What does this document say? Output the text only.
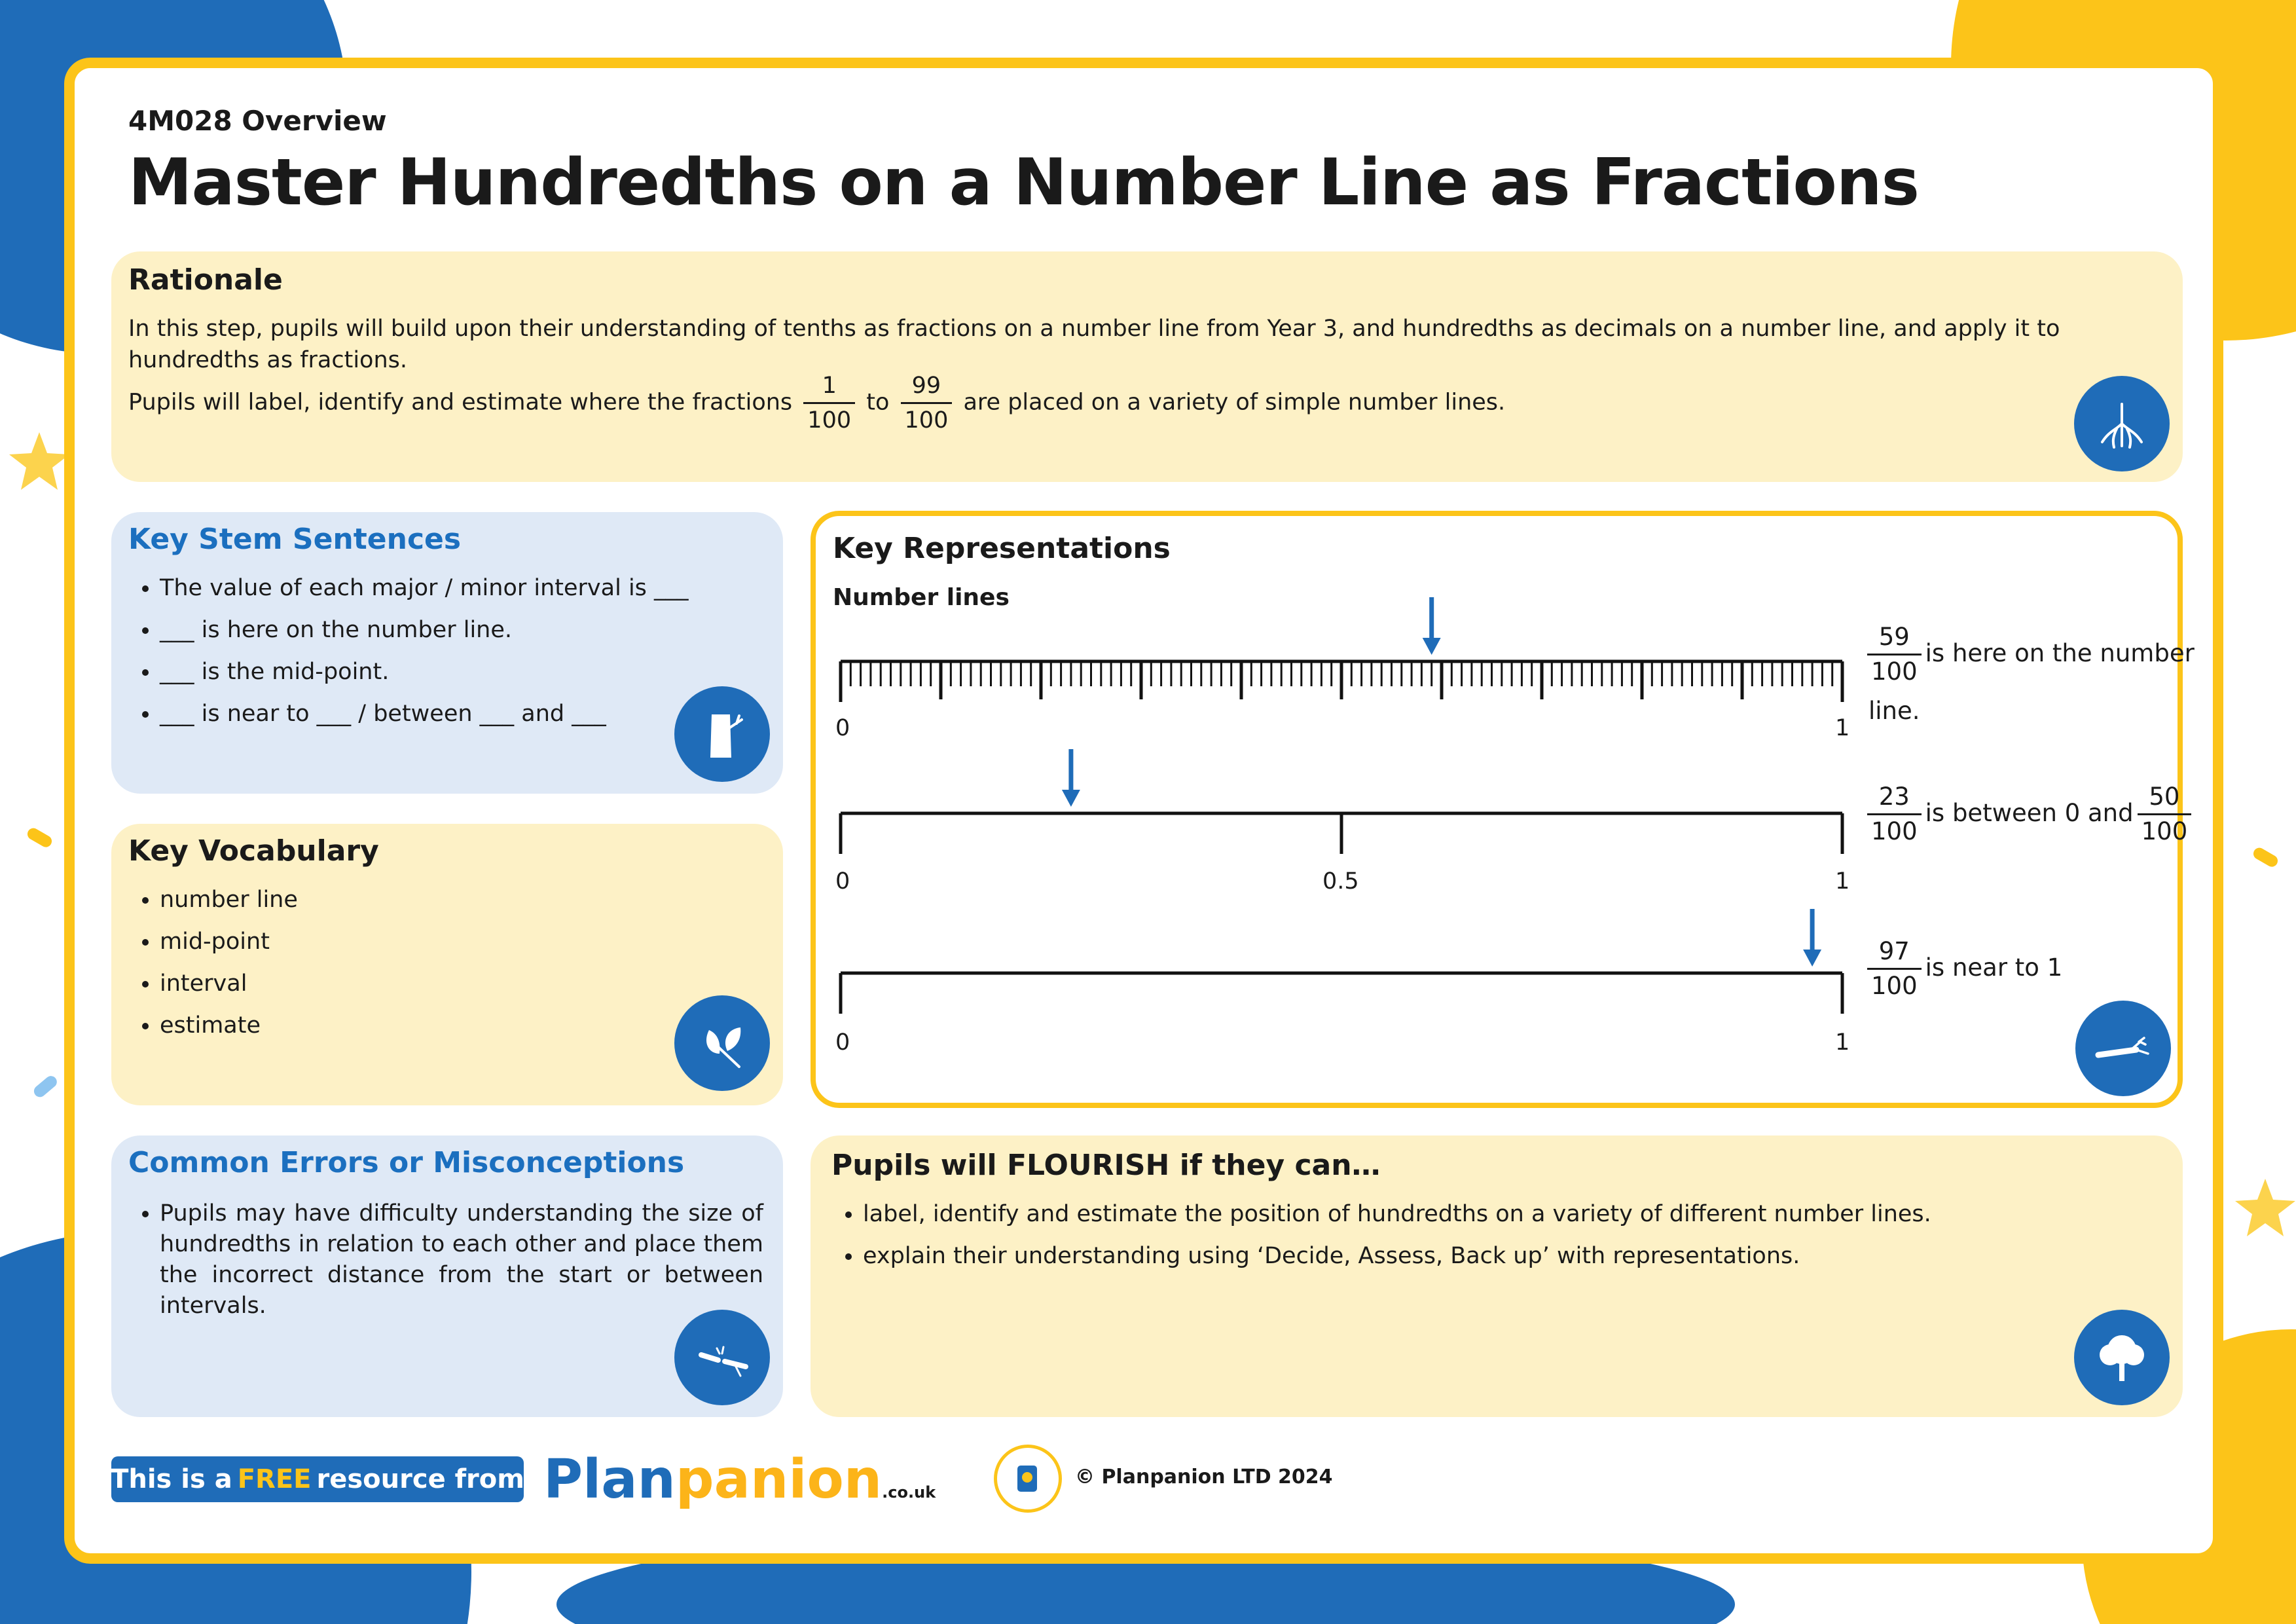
4M028 Overview
Master Hundredths on a Number Line as Fractions
Rationale
In this step, pupils will build upon their understanding of tenths as fractions on a number line from Year 3, and hundredths as decimals on a number line, and apply it to hundredths as fractions.
Pupils will label, identify and estimate where the fractions $\frac{1}{100}$ to $\frac{99}{100}$ are placed on a variety of simple number lines.
Key Stem Sentences
• The value of each major / minor interval is ___
• ___ is here on the number line.
• ___ is the mid-point.
• ___ is near to ___ / between ___ and ___
Key Vocabulary
• number line
• mid-point
• interval
• estimate
Common Errors or Misconceptions
• Pupils may have difficulty understanding the size of hundredths in relation to each other and place them the incorrect distance from the start or between intervals.
Key Representations
Number lines
0	1
$\frac{59}{100}$ is here on the number
line.
0	0.5	1
$\frac{23}{100}$ is between 0 and $\frac{50}{100}$
0	1
$\frac{97}{100}$ is near to 1
Pupils will FLOURISH if they can…
• label, identify and estimate the position of hundredths on a variety of different number lines.
• explain their understanding using ‘Decide, Assess, Back up’ with representations.
This is a FREE resource from Planpanion.co.uk
© Planpanion LTD 2024
